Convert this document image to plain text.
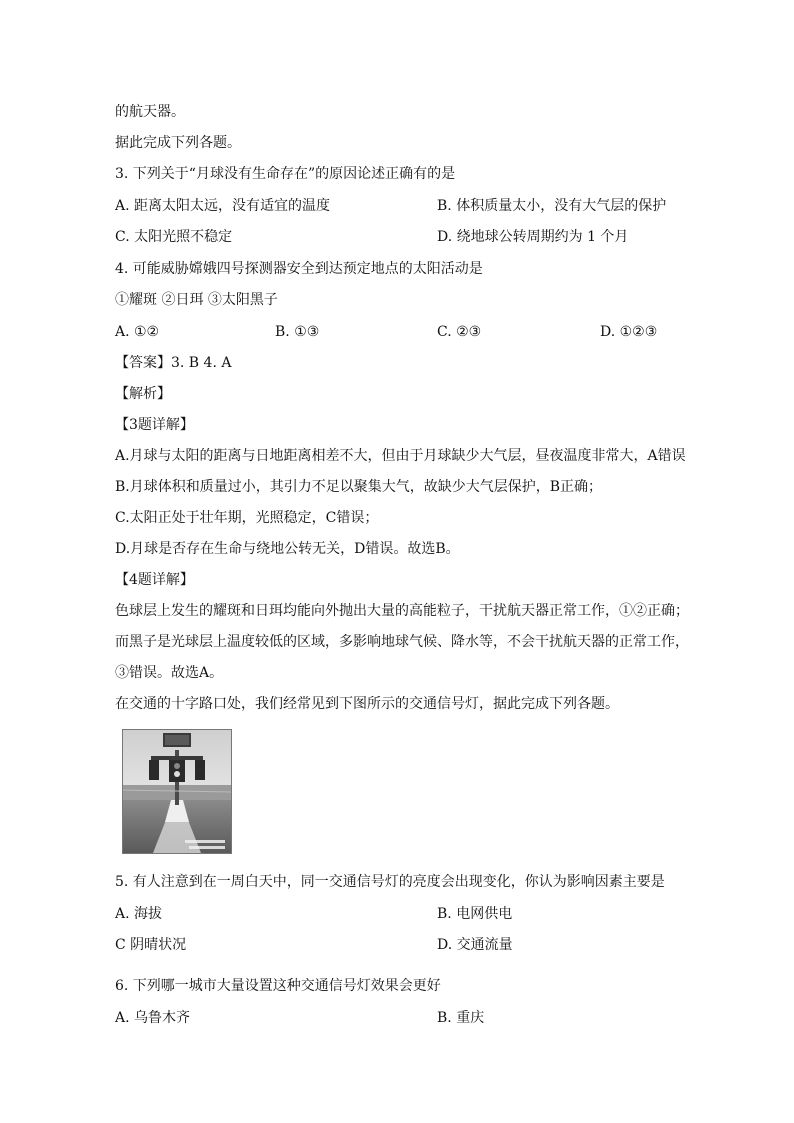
的航天器。
据此完成下列各题。
3. 下列关于“月球没有生命存在”的原因论述正确有的是
A. 距离太阳太远，没有适宜的温度	B. 体积质量太小，没有大气层的保护
C. 太阳光照不稳定	D. 绕地球公转周期约为 1 个月
4. 可能威胁嫦娥四号探测器安全到达预定地点的太阳活动是
①耀斑 ②日珥 ③太阳黑子
A. ①②	B. ①③	C. ②③	D. ①②③
【答案】3. B 4. A
【解析】
【3题详解】
A.月球与太阳的距离与日地距离相差不大，但由于月球缺少大气层，昼夜温度非常大，A错误
B.月球体积和质量过小，其引力不足以聚集大气，故缺少大气层保护，B正确；
C.太阳正处于壮年期，光照稳定，C错误；
D.月球是否存在生命与绕地公转无关，D错误。故选B。
【4题详解】
色球层上发生的耀斑和日珥均能向外抛出大量的高能粒子，干扰航天器正常工作，①②正确；
而黑子是光球层上温度较低的区域，多影响地球气候、降水等，不会干扰航天器的正常工作，
③错误。故选A。
在交通的十字路口处，我们经常见到下图所示的交通信号灯，据此完成下列各题。
5. 有人注意到在一周白天中，同一交通信号灯的亮度会出现变化，你认为影响因素主要是
A. 海拔	B. 电网供电
C 阴晴状况	D. 交通流量
6. 下列哪一城市大量设置这种交通信号灯效果会更好
A. 乌鲁木齐	B. 重庆
